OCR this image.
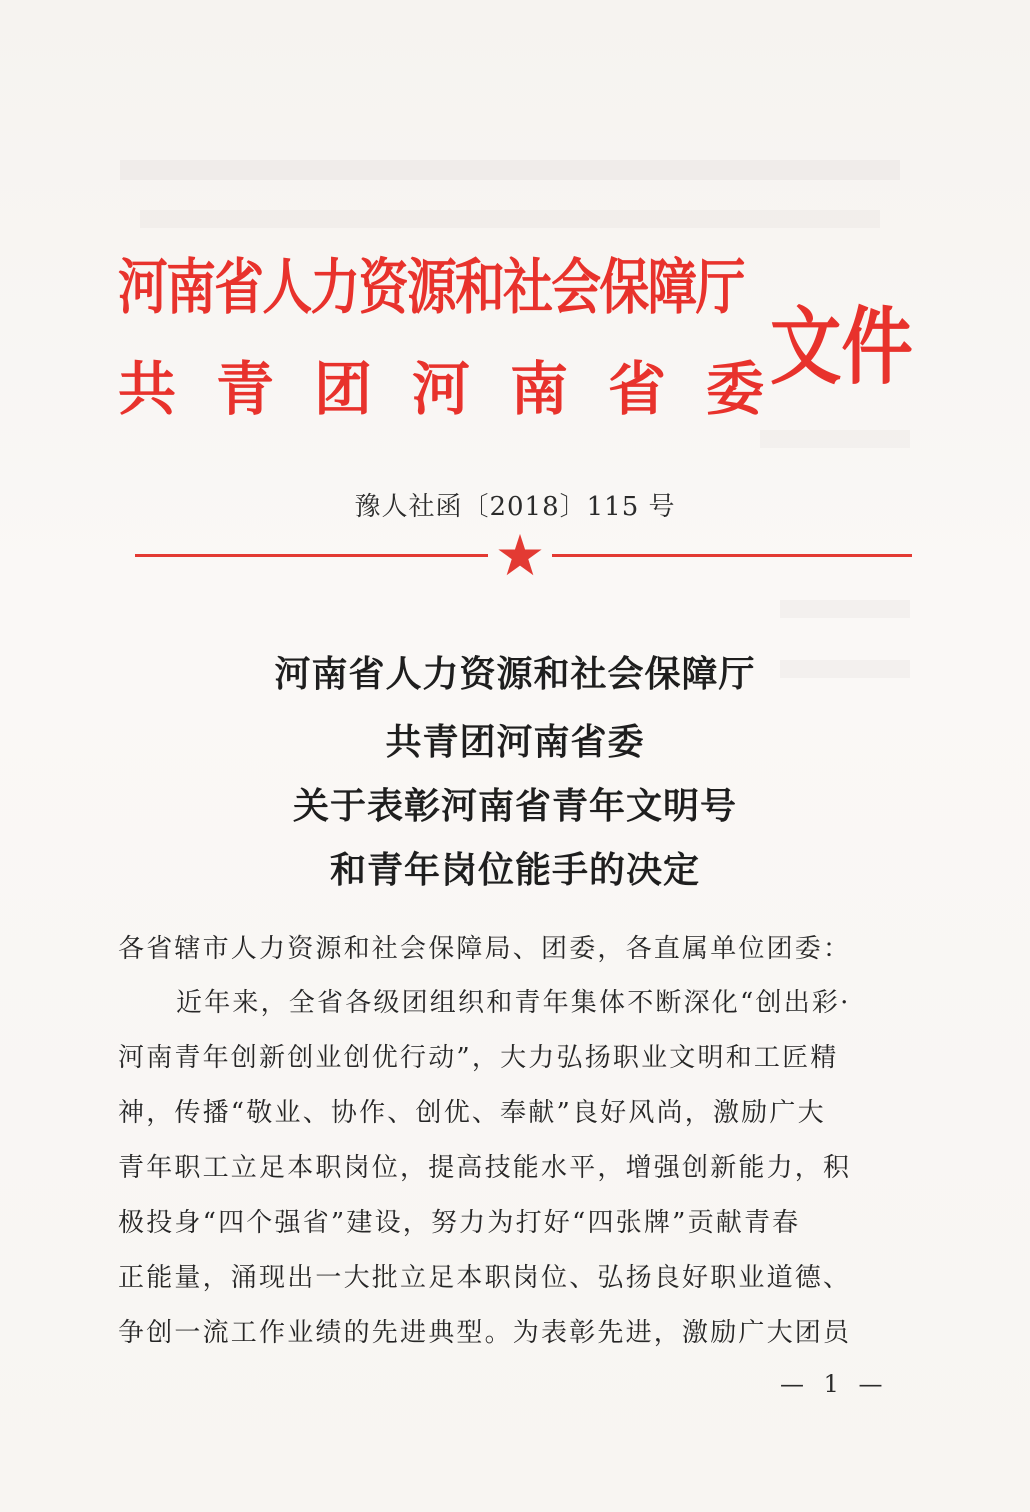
河南省人力资源和社会保障厅
共青团河南省委
文件
豫人社函〔2018〕115 号
河南省人力资源和社会保障厅
共青团河南省委
关于表彰河南省青年文明号
和青年岗位能手的决定
各省辖市人力资源和社会保障局、团委，各直属单位团委：
近年来，全省各级团组织和青年集体不断深化“创出彩·
河南青年创新创业创优行动”，大力弘扬职业文明和工匠精
神，传播“敬业、协作、创优、奉献”良好风尚，激励广大
青年职工立足本职岗位，提高技能水平，增强创新能力，积
极投身“四个强省”建设，努力为打好“四张牌”贡献青春
正能量，涌现出一大批立足本职岗位、弘扬良好职业道德、
争创一流工作业绩的先进典型。为表彰先进，激励广大团员
— 1 —
